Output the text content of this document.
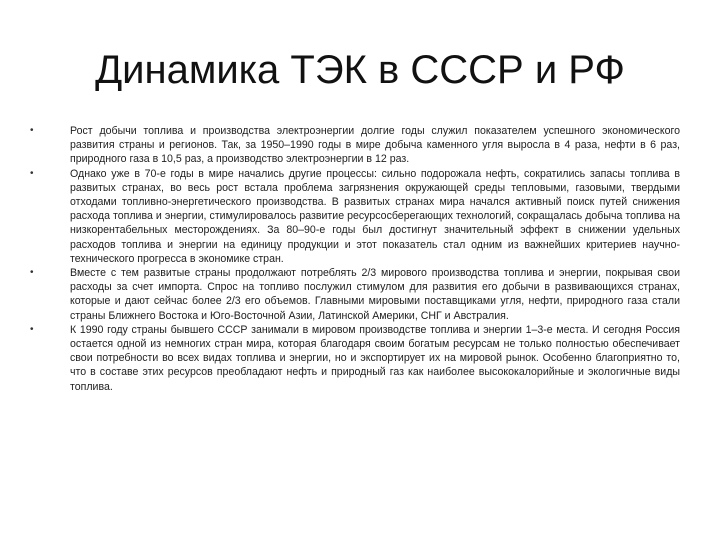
Динамика ТЭК в СССР и РФ
•	Рост добычи топлива и производства электроэнергии долгие годы служил показателем успешного экономического развития страны и регионов. Так, за 1950–1990 годы в мире добыча каменного угля выросла в 4 раза, нефти в 6 раз, природного газа в 10,5 раз, а производство электроэнергии в 12 раз.
•	Однако уже в 70-е годы в мире начались другие процессы: сильно подорожала нефть, сократились запасы топлива в развитых странах, во весь рост встала проблема загрязнения окружающей среды тепловыми, газовыми, твердыми отходами топливно-энергетического производства. В развитых странах мира начался активный поиск путей снижения расхода топлива и энергии, стимулировалось развитие ресурсосберегающих технологий, сокращалась добыча топлива на низкорентабельных месторождениях. За 80–90-е годы был достигнут значительный эффект в снижении удельных расходов топлива и энергии на единицу продукции и этот показатель стал одним из важнейших критериев научно-технического прогресса в экономике стран.
•	Вместе с тем развитые страны продолжают потреблять 2/3 мирового производства топлива и энергии, покрывая свои расходы за счет импорта. Спрос на топливо послужил стимулом для развития его добычи в развивающихся странах, которые и дают сейчас более 2/3 его объемов. Главными мировыми поставщиками угля, нефти, природного газа стали страны Ближнего Востока и Юго-Восточной Азии, Латинской Америки, СНГ и Австралия.
•	К 1990 году страны бывшего СССР занимали в мировом производстве топлива и энергии 1–3-е места. И сегодня Россия остается одной из немногих стран мира, которая благодаря своим богатым ресурсам не только полностью обеспечивает свои потребности во всех видах топлива и энергии, но и экспортирует их на мировой рынок. Особенно благоприятно то, что в составе этих ресурсов преобладают нефть и природный газ как наиболее высококалорийные и экологичные виды топлива.
